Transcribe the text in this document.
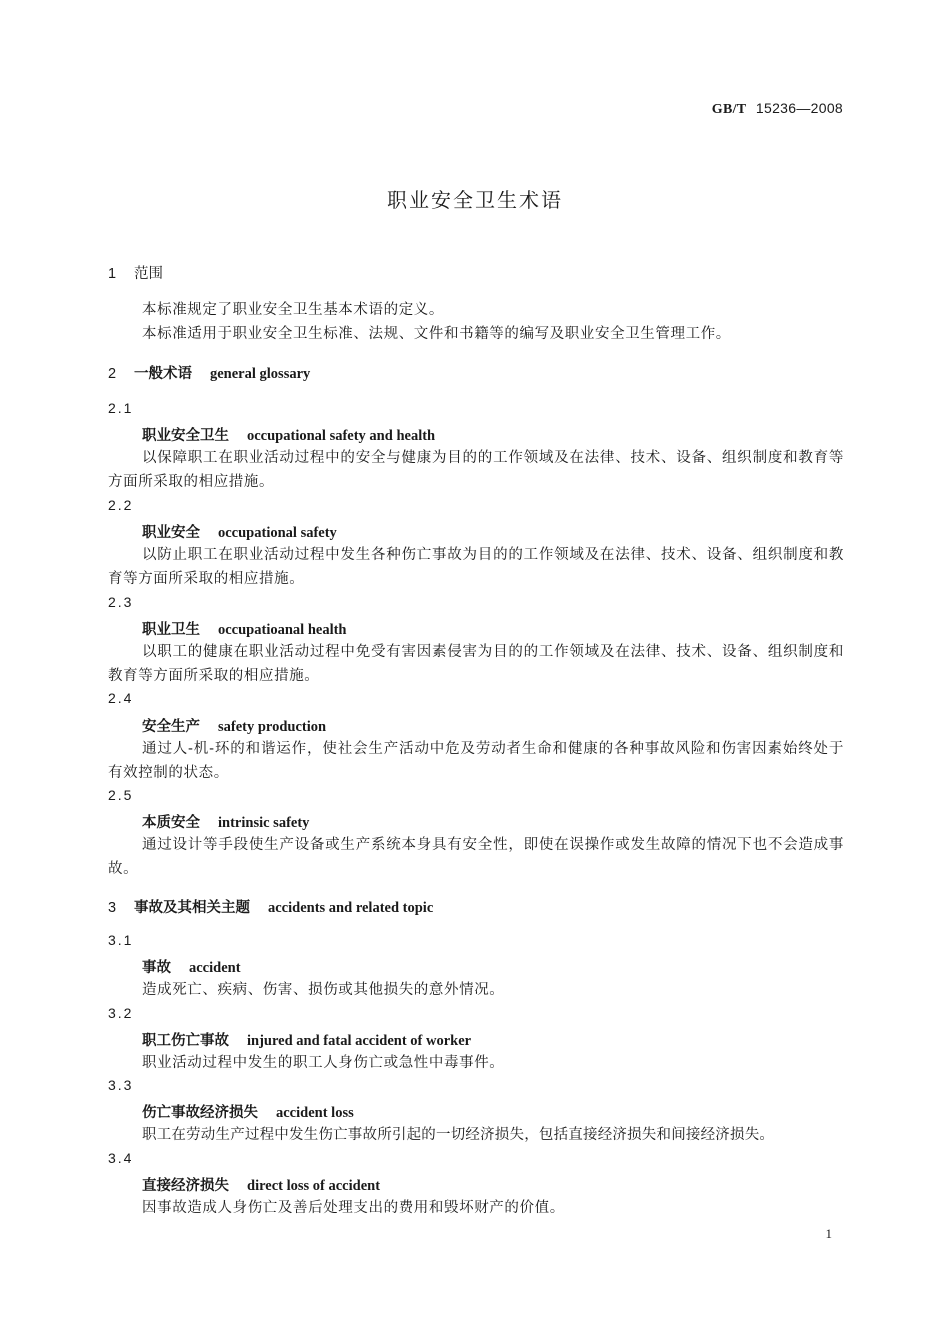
GB/T 15236—2008
职业安全卫生术语
1 范围
本标准规定了职业安全卫生基本术语的定义。
本标准适用于职业安全卫生标准、法规、文件和书籍等的编写及职业安全卫生管理工作。
2 一般术语 general glossary
2.1
职业安全卫生 occupational safety and health
以保障职工在职业活动过程中的安全与健康为目的的工作领域及在法律、技术、设备、组织制度和教育等方面所采取的相应措施。
2.2
职业安全 occupational safety
以防止职工在职业活动过程中发生各种伤亡事故为目的的工作领域及在法律、技术、设备、组织制度和教育等方面所采取的相应措施。
2.3
职业卫生 occupatioanal health
以职工的健康在职业活动过程中免受有害因素侵害为目的的工作领域及在法律、技术、设备、组织制度和教育等方面所采取的相应措施。
2.4
安全生产 safety production
通过人-机-环的和谐运作，使社会生产活动中危及劳动者生命和健康的各种事故风险和伤害因素始终处于有效控制的状态。
2.5
本质安全 intrinsic safety
通过设计等手段使生产设备或生产系统本身具有安全性，即使在误操作或发生故障的情况下也不会造成事故。
3 事故及其相关主题 accidents and related topic
3.1
事故 accident
造成死亡、疾病、伤害、损伤或其他损失的意外情况。
3.2
职工伤亡事故 injured and fatal accident of worker
职业活动过程中发生的职工人身伤亡或急性中毒事件。
3.3
伤亡事故经济损失 accident loss
职工在劳动生产过程中发生伤亡事故所引起的一切经济损失，包括直接经济损失和间接经济损失。
3.4
直接经济损失 direct loss of accident
因事故造成人身伤亡及善后处理支出的费用和毁坏财产的价值。
1
